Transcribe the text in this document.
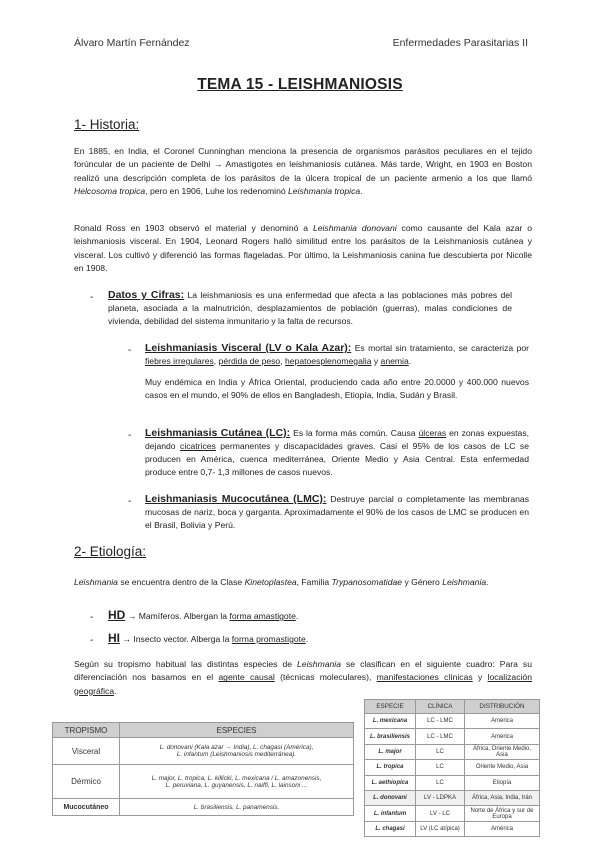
Álvaro Martín Fernández	Enfermedades Parasitarias II
TEMA 15 - LEISHMANIOSIS
1- Historia:
En 1885, en India, el Coronel Cunninghan menciona la presencia de organismos parásitos peculiares en el tejido forúncular de un paciente de Delhi → Amastigotes en leishmaniosis cutánea. Más tarde, Wright, en 1903 en Boston realizó una descripción completa de los parásitos de la úlcera tropical de un paciente armenio a los que llamó Helcosoma tropica, pero en 1906, Luhe los redenominó Leishmania tropica.
Ronald Ross en 1903 observó el material y denominó a Leishmania donovani como causante del Kala azar o leishmaniosis visceral. En 1904, Leonard Rogers halló similitud entre los parásitos de la Leishmaniosis cutánea y visceral. Los cultivó y diferenció las formas flageladas. Por último, la Leishmaniosis canina fue descubierta por Nicolle en 1908.
- Datos y Cifras: La leishmaniosis es una enfermedad que afecta a las poblaciones más pobres del planeta, asociada a la malnutrición, desplazamientos de población (guerras), malas condiciones de vivienda, debilidad del sistema inmunitario y la falta de recursos.
- Leishmaniasis Visceral (LV o Kala Azar): Es mortal sin tratamiento, se caracteriza por fiebres irregulares, pérdida de peso, hepatoesplenomegalia y anemia.
Muy endémica en India y África Oriental, produciendo cada año entre 20.0000 y 400.000 nuevos casos en el mundo, el 90% de ellos en Bangladesh, Etiopía, India, Sudán y Brasil.
- Leishmaniasis Cutánea (LC): Es la forma más común. Causa úlceras en zonas expuestas, dejando cicatrices permanentes y discapacidades graves. Casi el 95% de los casos de LC se producen en América, cuenca mediterránea, Oriente Medio y Asia Central. Esta enfermedad produce entre 0,7- 1,3 millones de casos nuevos.
- Leishmaniasis Mucocutánea (LMC): Destruye parcial o completamente las membranas mucosas de nariz, boca y garganta. Aproximadamente el 90% de los casos de LMC se producen en el Brasil, Bolivia y Perú.
2- Etiología:
Leishmania se encuentra dentro de la Clase Kinetoplastea, Familia Trypanosomatidae y Género Leishmania.
- HD → Mamíferos. Albergan la forma amastigote.
- HI → Insecto vector. Alberga la forma promastigote.
Según su tropismo habitual las distintas especies de Leishmania se clasifican en el siguiente cuadro: Para su diferenciación nos basamos en el agente causal (técnicas moleculares), manifestaciones clínicas y localización geográfica.
TROPISMO	ESPECIES
Visceral	L. donovani (Kala azar → India), L. chagasi (América),
L. infantum (Leishmaniosis mediterránea).
Dérmico	L. major, L. tropica, L. killicki, L. mexicana / L. amazonensis,
L. peruviana, L. guyanensis, L. naiffi, L. lainsoni ...
Mucocutáneo	L. brasiliensis, L. panamensis.
ESPECIE	CLÍNICA	DISTRIBUCIÓN
L. mexicana	LC - LMC	América
L. brasiliensis	LC - LMC	América
L. major	LC	África, Oriente Medio, Asia
L. tropica	LC	Oriente Medio, Asia
L. aethiopica	LC	Etiopía
L. donovani	LV - LDPKA	África, Asia, India, Irán
L. infantum	LV - LC	Norte de África y sur de Europa
L. chagasi	LV (LC atípica)	América
